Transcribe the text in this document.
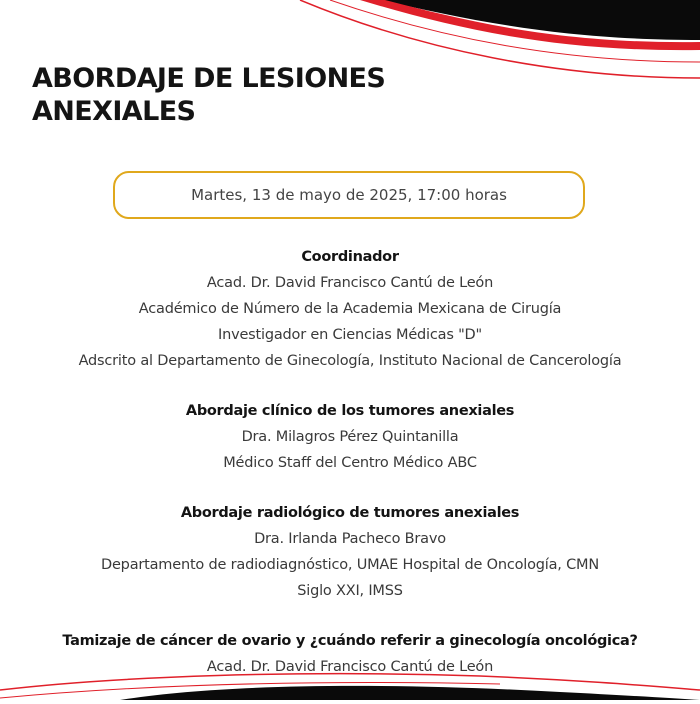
ABORDAJE DE LESIONES
ANEXIALES
Martes, 13 de mayo de 2025, 17:00 horas
Coordinador
Acad. Dr. David Francisco Cantú de León
Académico de Número de la Academia Mexicana de Cirugía
Investigador en Ciencias Médicas "D"
Adscrito al Departamento de Ginecología, Instituto Nacional de Cancerología
Abordaje clínico de los tumores anexiales
Dra. Milagros Pérez Quintanilla
Médico Staff del Centro Médico ABC
Abordaje radiológico de tumores anexiales
Dra. Irlanda Pacheco Bravo
Departamento de radiodiagnóstico, UMAE Hospital de Oncología, CMN
Siglo XXI, IMSS
Tamizaje de cáncer de ovario y ¿cuándo referir a ginecología oncológica?
Acad. Dr. David Francisco Cantú de León
